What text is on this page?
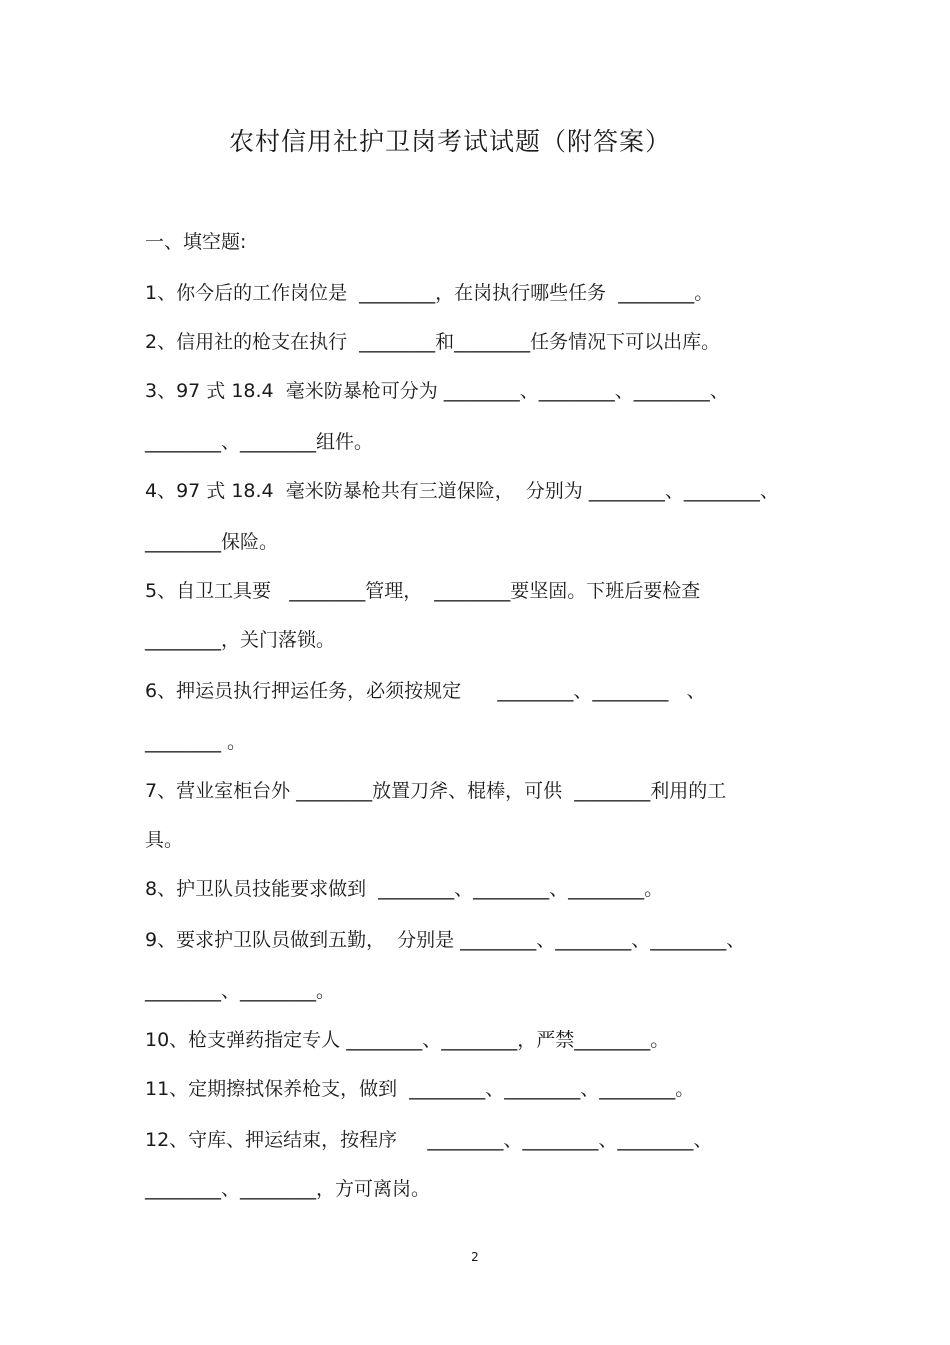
农村信用社护卫岗考试试题（附答案）
一、填空题:
1、你今后的工作岗位是  ________，在岗执行哪些任务  ________。
2、信用社的枪支在执行  ________和________任务情况下可以出库。
3、97 式 18.4  毫米防暴枪可分为 ________、________、________、
________、________组件。
4、97 式 18.4  毫米防暴枪共有三道保险，  分别为 ________、________、
________保险。
5、自卫工具要   ________管理，  ________要坚固。下班后要检查
________，关门落锁。
6、押运员执行押运任务，必须按规定      ________、________   、
________ 。
7、营业室柜台外 ________放置刀斧、棍棒，可供  ________利用的工
具。
8、护卫队员技能要求做到  ________、________、________。
9、要求护卫队员做到五勤，  分别是 ________、________、________、
________、________。
10、枪支弹药指定专人 ________、________，严禁________。
11、定期擦拭保养枪支，做到  ________、________、________。
12、守库、押运结束，按程序     ________、________、________、
________、________，方可离岗。
2
